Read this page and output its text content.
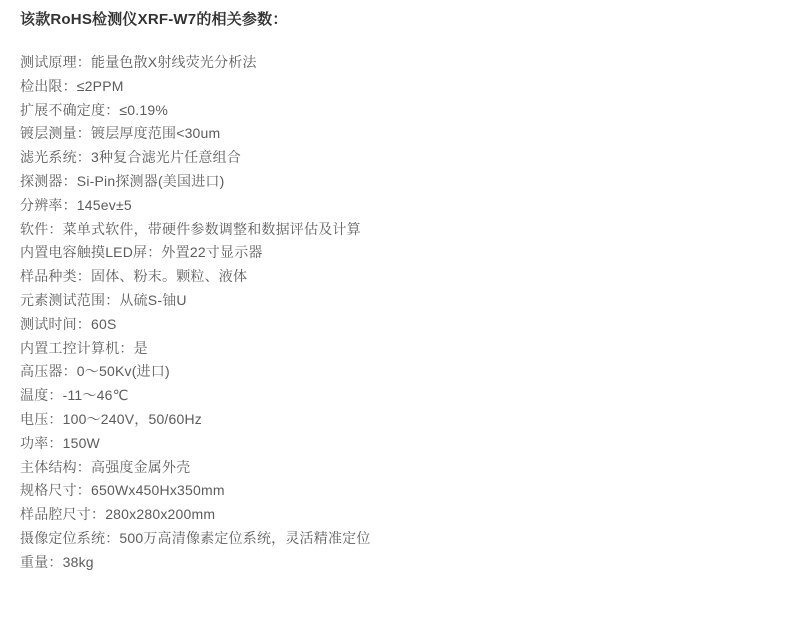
该款RoHS检测仪XRF-W7的相关参数：
测试原理：能量色散X射线荧光分析法
检出限：≤2PPM
扩展不确定度：≤0.19%
镀层测量：镀层厚度范围<30um
滤光系统：3种复合滤光片任意组合
探测器：Si-Pin探测器(美国进口)
分辨率：145ev±5
软件：菜单式软件，带硬件参数调整和数据评估及计算
内置电容触摸LED屏：外置22寸显示器
样品种类：固体、粉末。颗粒、液体
元素测试范围：从硫S-铀U
测试时间：60S
内置工控计算机：是
高压器：0～50Kv(进口)
温度：-11～46℃
电压：100～240V，50/60Hz
功率：150W
主体结构：高强度金属外壳
规格尺寸：650Wx450Hx350mm
样品腔尺寸：280x280x200mm
摄像定位系统：500万高清像素定位系统，灵活精准定位
重量：38kg
